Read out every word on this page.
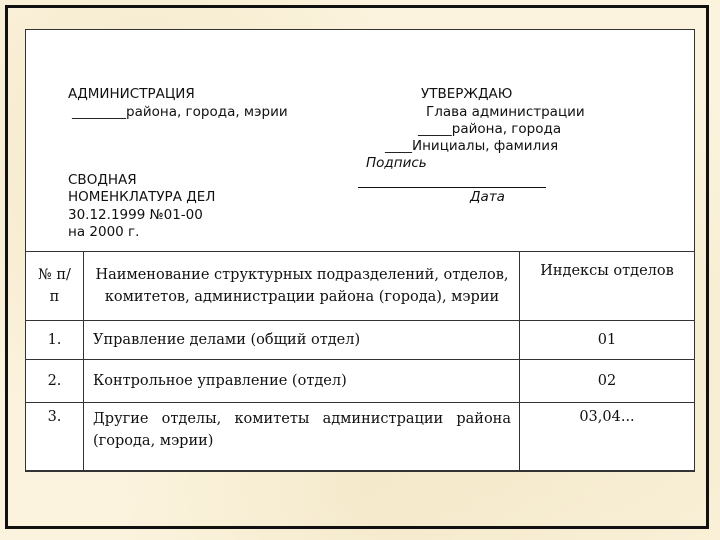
АДМИНИСТРАЦИЯ
________района, города, мэрии
СВОДНАЯ
НОМЕНКЛАТУРА ДЕЛ
30.12.1999 №01-00
на 2000 г.
УТВЕРЖДАЮ
Глава администрации
_____района, города
____Инициалы, фамилия
Подпись
Дата
№ п/п	Наименование структурных подразделений, отделов, комитетов, администрации района (города), мэрии	Индексы отделов
1.	Управление делами (общий отдел)	01
2.	Контрольное управление (отдел)	02
3.	Другие отделы, комитеты администрации района (города, мэрии)	03,04...
